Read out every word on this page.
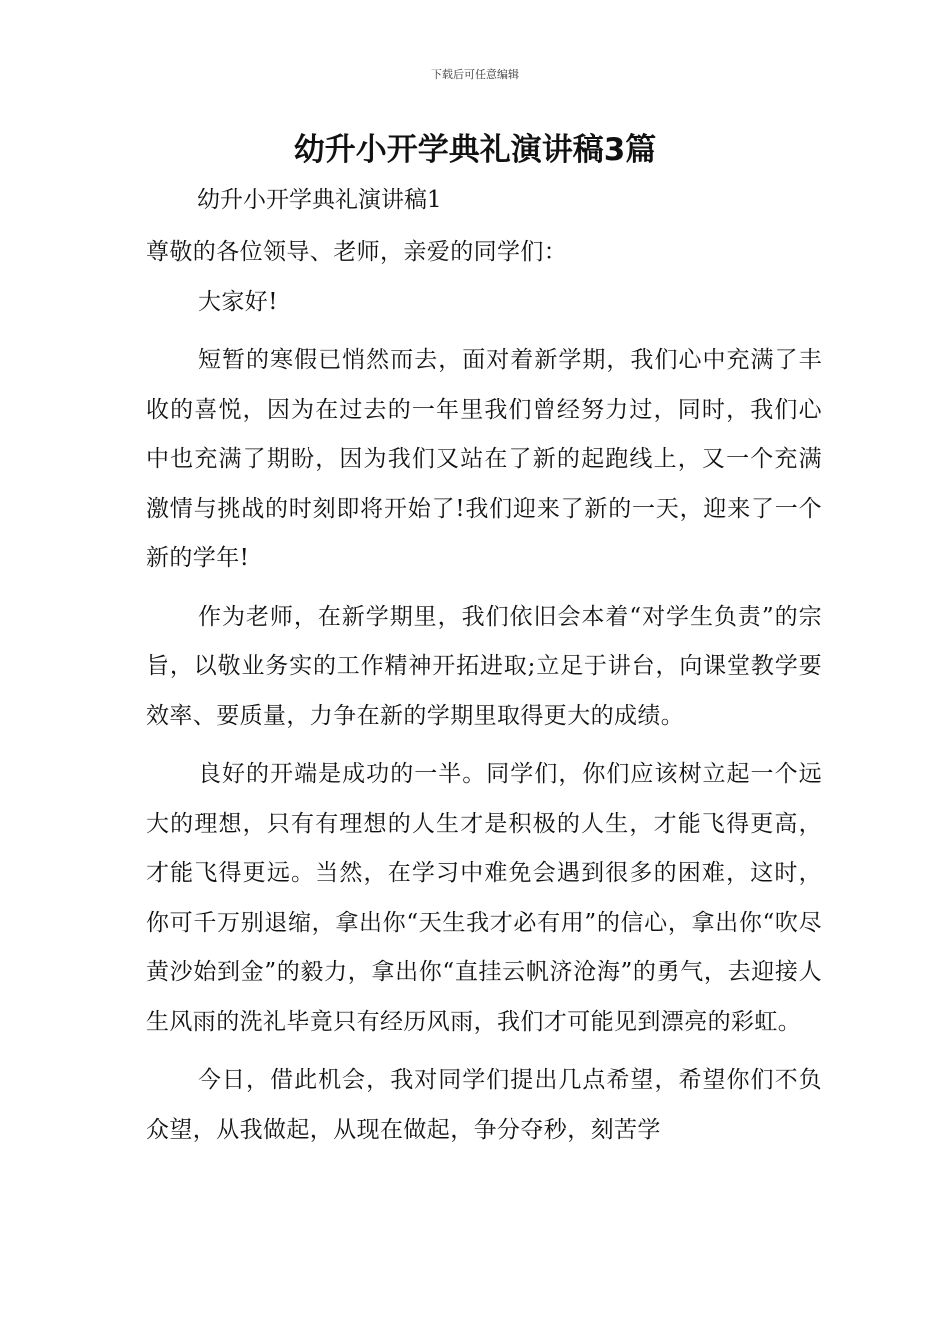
下载后可任意编辑
幼升小开学典礼演讲稿3篇
幼升小开学典礼演讲稿1

尊敬的各位领导、老师，亲爱的同学们：

大家好!

短暂的寒假已悄然而去，面对着新学期，我们心中充满了丰收的喜悦，因为在过去的一年里我们曾经努力过，同时，我们心中也充满了期盼，因为我们又站在了新的起跑线上，又一个充满激情与挑战的时刻即将开始了!我们迎来了新的一天，迎来了一个新的学年!

作为老师，在新学期里，我们依旧会本着“对学生负责”的宗旨，以敬业务实的工作精神开拓进取;立足于讲台，向课堂教学要效率、要质量，力争在新的学期里取得更大的成绩。

良好的开端是成功的一半。同学们，你们应该树立起一个远大的理想，只有有理想的人生才是积极的人生，才能飞得更高，才能飞得更远。当然，在学习中难免会遇到很多的困难，这时，你可千万别退缩，拿出你“天生我才必有用”的信心，拿出你“吹尽黄沙始到金”的毅力，拿出你“直挂云帆济沧海”的勇气，去迎接人生风雨的洗礼毕竟只有经历风雨，我们才可能见到漂亮的彩虹。

今日，借此机会，我对同学们提出几点希望，希望你们不负众望，从我做起，从现在做起，争分夺秒，刻苦学
